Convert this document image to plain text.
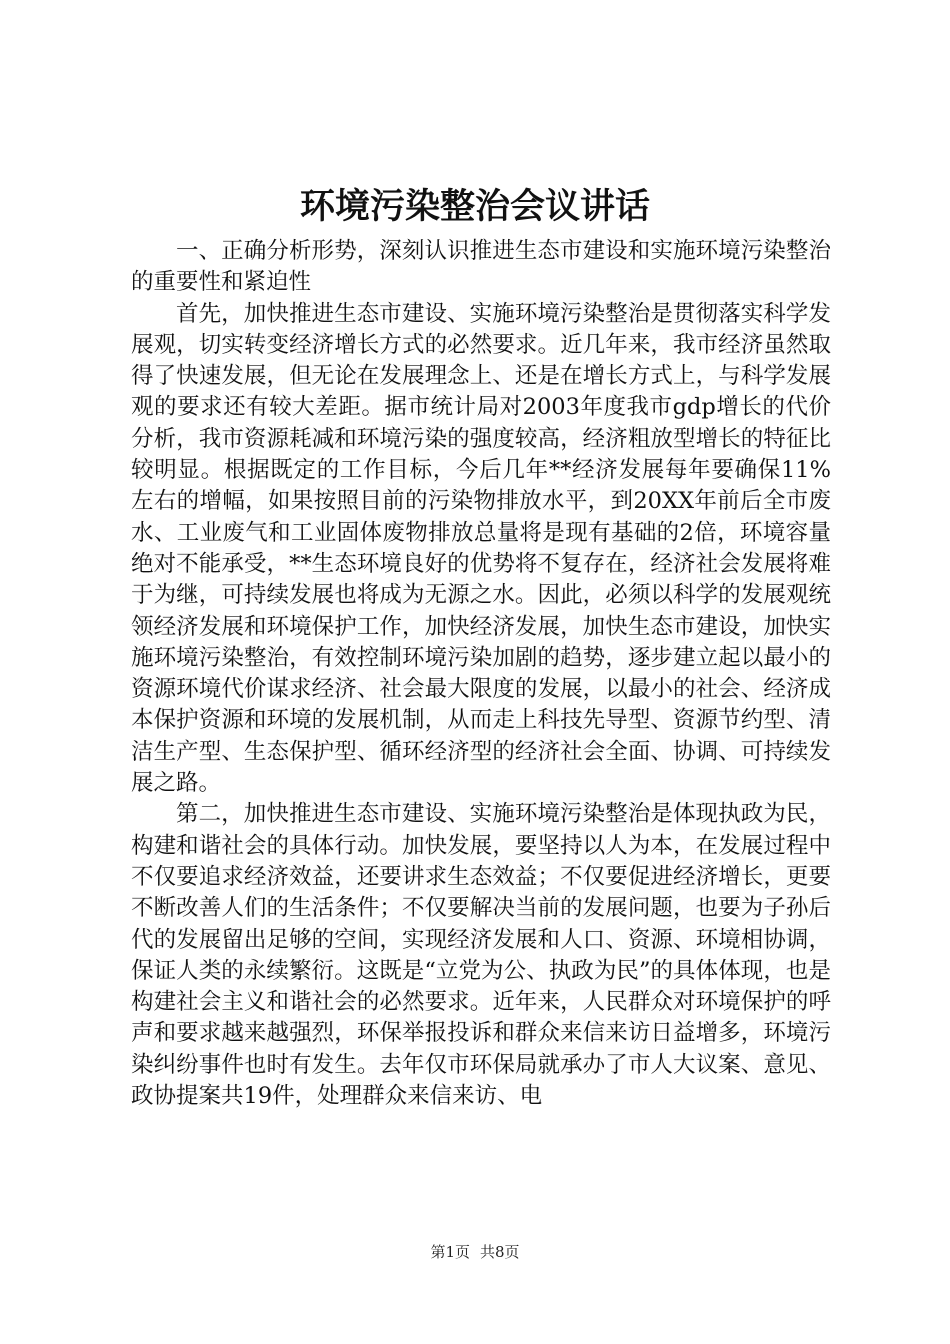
环境污染整治会议讲话

一、正确分析形势，深刻认识推进生态市建设和实施环境污染整治的重要性和紧迫性

首先，加快推进生态市建设、实施环境污染整治是贯彻落实科学发展观，切实转变经济增长方式的必然要求。近几年来，我市经济虽然取得了快速发展，但无论在发展理念上、还是在增长方式上，与科学发展观的要求还有较大差距。据市统计局对2003年度我市gdp增长的代价分析，我市资源耗减和环境污染的强度较高，经济粗放型增长的特征比较明显。根据既定的工作目标，今后几年**经济发展每年要确保11%左右的增幅，如果按照目前的污染物排放水平，到20XX年前后全市废水、工业废气和工业固体废物排放总量将是现有基础的2倍，环境容量绝对不能承受，**生态环境良好的优势将不复存在，经济社会发展将难于为继，可持续发展也将成为无源之水。因此，必须以科学的发展观统领经济发展和环境保护工作，加快经济发展，加快生态市建设，加快实施环境污染整治，有效控制环境污染加剧的趋势，逐步建立起以最小的资源环境代价谋求经济、社会最大限度的发展，以最小的社会、经济成本保护资源和环境的发展机制，从而走上科技先导型、资源节约型、清洁生产型、生态保护型、循环经济型的经济社会全面、协调、可持续发展之路。

第二，加快推进生态市建设、实施环境污染整治是体现执政为民，构建和谐社会的具体行动。加快发展，要坚持以人为本，在发展过程中不仅要追求经济效益，还要讲求生态效益；不仅要促进经济增长，更要不断改善人们的生活条件；不仅要解决当前的发展问题，也要为子孙后代的发展留出足够的空间，实现经济发展和人口、资源、环境相协调，保证人类的永续繁衍。这既是“立党为公、执政为民”的具体体现，也是构建社会主义和谐社会的必然要求。近年来，人民群众对环境保护的呼声和要求越来越强烈，环保举报投诉和群众来信来访日益增多，环境污染纠纷事件也时有发生。去年仅市环保局就承办了市人大议案、意见、政协提案共19件，处理群众来信来访、电

第1页 共8页
